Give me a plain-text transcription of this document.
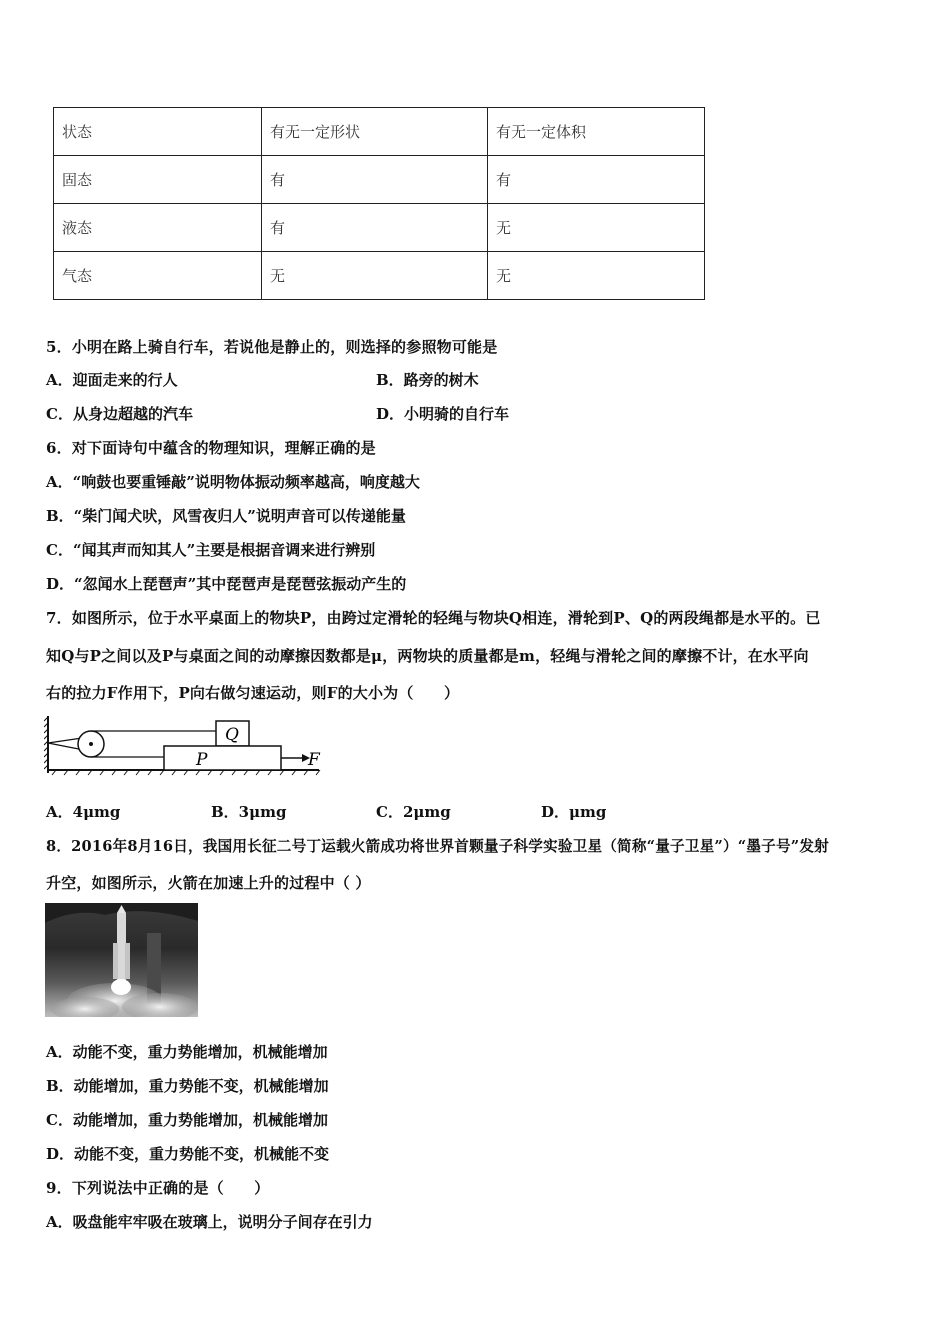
状态	有无一定形状	有无一定体积
固态	有	有
液态	有	无
气态	无	无
5．小明在路上骑自行车，若说他是静止的，则选择的参照物可能是
A．迎面走来的行人	B．路旁的树木
C．从身边超越的汽车	D．小明骑的自行车
6．对下面诗句中蕴含的物理知识，理解正确的是
A．“响鼓也要重锤敲”说明物体振动频率越高，响度越大
B．“柴门闻犬吠，风雪夜归人”说明声音可以传递能量
C．“闻其声而知其人”主要是根据音调来进行辨别
D．“忽闻水上琵琶声”其中琵琶声是琵琶弦振动产生的
7．如图所示，位于水平桌面上的物块P，由跨过定滑轮的轻绳与物块Q相连，滑轮到P、Q的两段绳都是水平的。已
知Q与P之间以及P与桌面之间的动摩擦因数都是μ，两物块的质量都是m，轻绳与滑轮之间的摩擦不计，在水平向
右的拉力F作用下，P向右做匀速运动，则F的大小为（　　）
Q
P	F
A．4μmg	B．3μmg	C．2μmg	D．μmg
8．2016年8月16日，我国用长征二号丁运载火箭成功将世界首颗量子科学实验卫星（简称“量子卫星”）“墨子号”发射
升空，如图所示，火箭在加速上升的过程中（ ）
A．动能不变，重力势能增加，机械能增加
B．动能增加，重力势能不变，机械能增加
C．动能增加，重力势能增加，机械能增加
D．动能不变，重力势能不变，机械能不变
9．下列说法中正确的是（　　）
A．吸盘能牢牢吸在玻璃上，说明分子间存在引力
